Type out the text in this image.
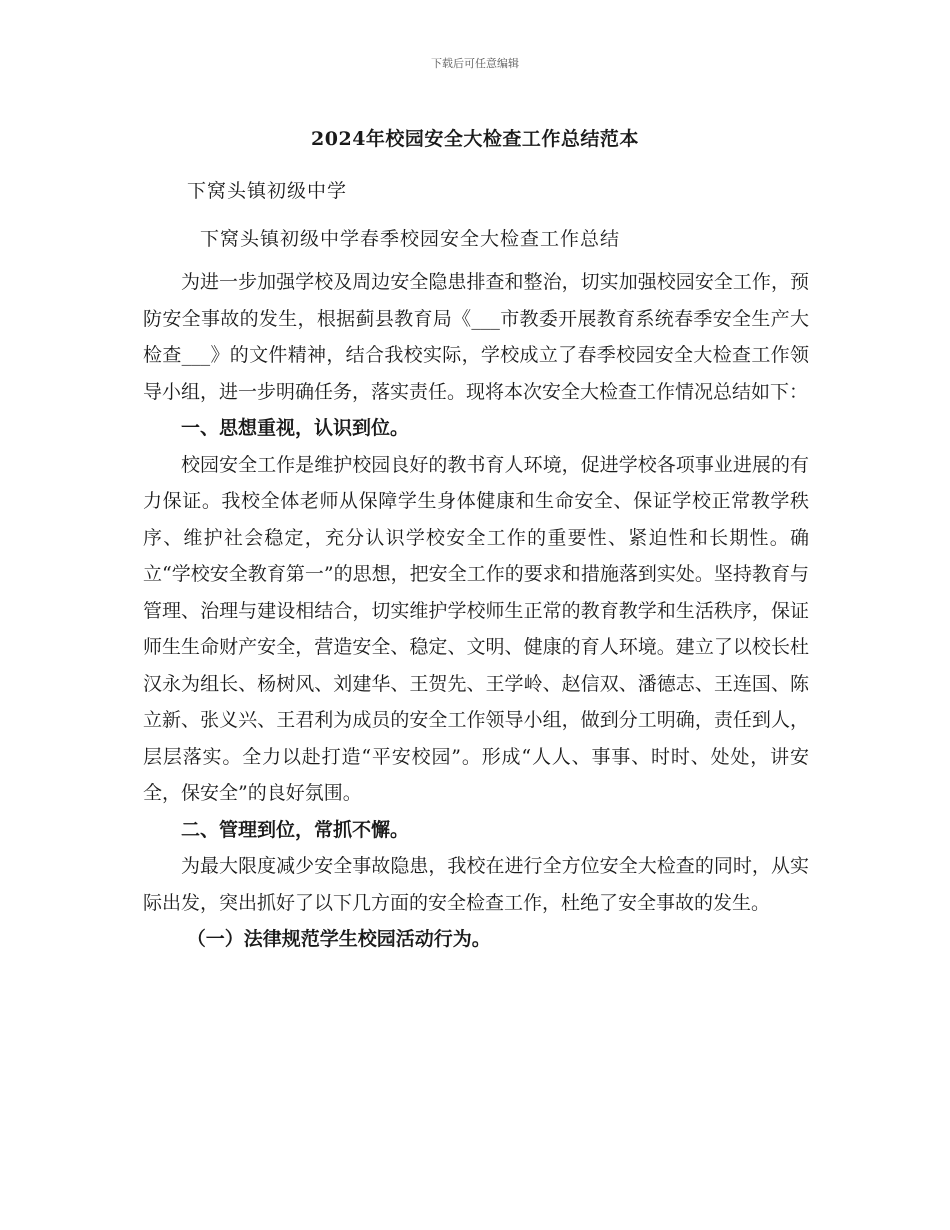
下载后可任意编辑
2024年校园安全大检查工作总结范本
下窝头镇初级中学
下窝头镇初级中学春季校园安全大检查工作总结

为进一步加强学校及周边安全隐患排查和整治，切实加强校园安全工作，预防安全事故的发生，根据蓟县教育局《___市教委开展教育系统春季安全生产大检查___》的文件精神，结合我校实际，学校成立了春季校园安全大检查工作领导小组，进一步明确任务，落实责任。现将本次安全大检查工作情况总结如下：

一、思想重视，认识到位。

校园安全工作是维护校园良好的教书育人环境，促进学校各项事业进展的有力保证。我校全体老师从保障学生身体健康和生命安全、保证学校正常教学秩序、维护社会稳定，充分认识学校安全工作的重要性、紧迫性和长期性。确立“学校安全教育第一”的思想，把安全工作的要求和措施落到实处。坚持教育与管理、治理与建设相结合，切实维护学校师生正常的教育教学和生活秩序，保证师生生命财产安全，营造安全、稳定、文明、健康的育人环境。建立了以校长杜汉永为组长、杨树风、刘建华、王贺先、王学岭、赵信双、潘德志、王连国、陈立新、张义兴、王君利为成员的安全工作领导小组，做到分工明确，责任到人，层层落实。全力以赴打造“平安校园”。形成“人人、事事、时时、处处，讲安全，保安全”的良好氛围。

二、管理到位，常抓不懈。

为最大限度减少安全事故隐患，我校在进行全方位安全大检查的同时，从实际出发，突出抓好了以下几方面的安全检查工作，杜绝了安全事故的发生。

（一）法律规范学生校园活动行为。
